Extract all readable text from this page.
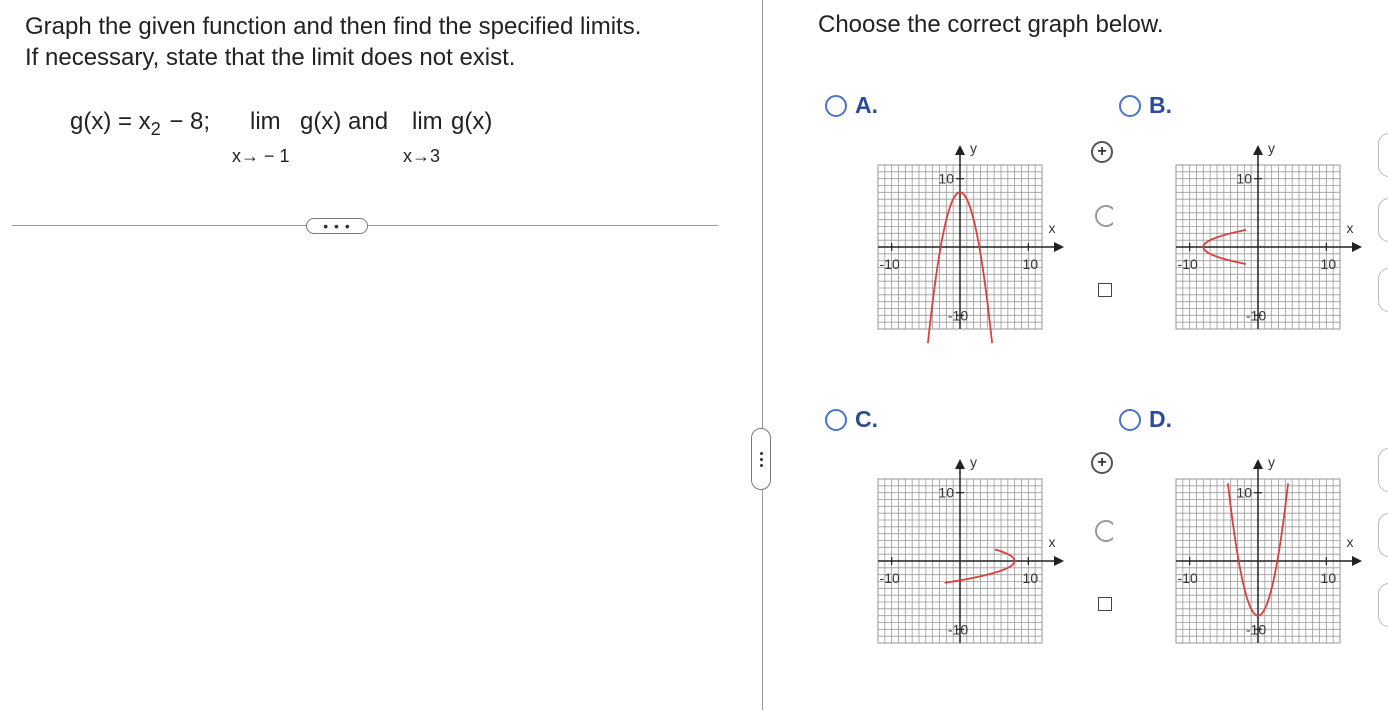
Graph the given function and then find the specified limits.
If necessary, state that the limit does not exist.
g(x) = x 2 − 8; lim g(x) and
x→ − 1
lim g(x)
x→3
• • •
Choose the correct graph below.
A.	B.
C.	D.
y
x
-10	10
10
-10
y
x
-10	10
10
-10
y
x
-10	10
10
-10
y
x
-10	10
10
-10
+
+
